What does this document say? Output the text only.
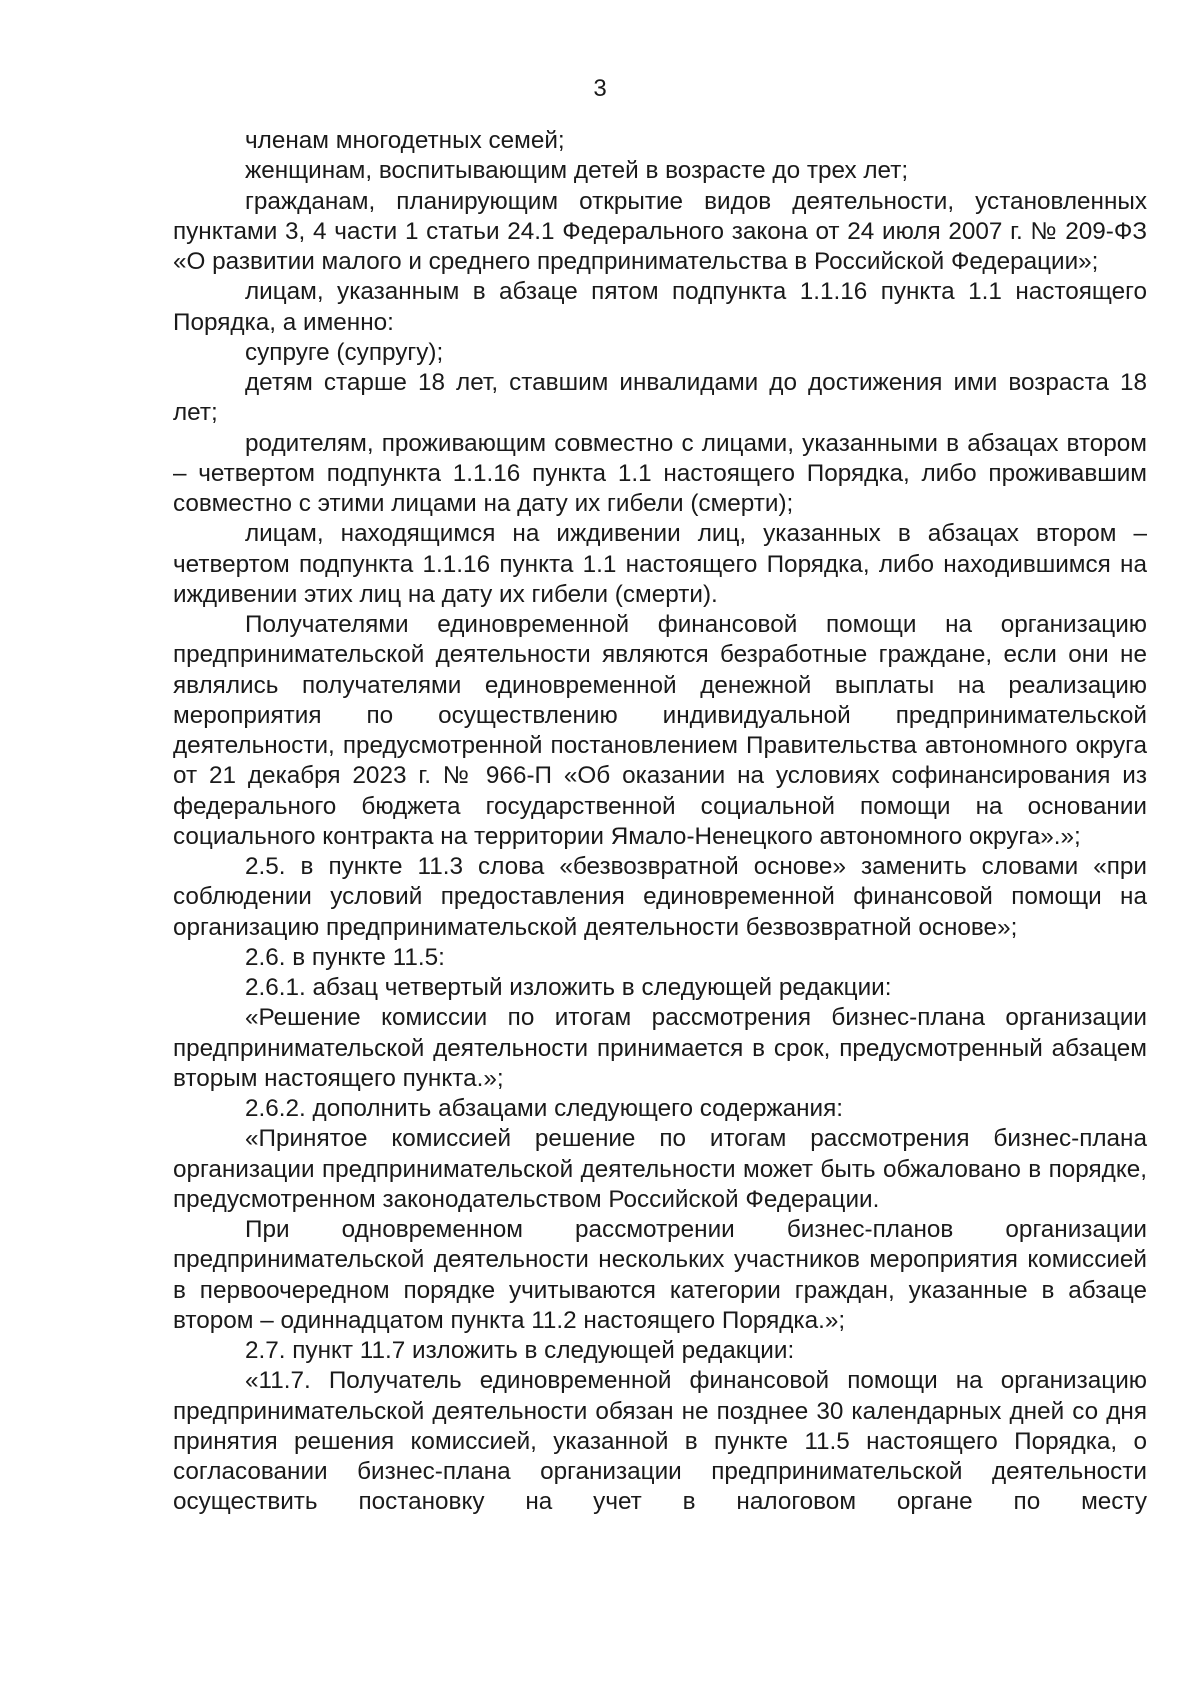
3

членам многодетных семей;

женщинам, воспитывающим детей в возрасте до трех лет;

гражданам, планирующим открытие видов деятельности, установленных пунктами 3, 4 части 1 статьи 24.1 Федерального закона от 24 июля 2007 г. № 209-ФЗ «О развитии малого и среднего предпринимательства в Российской Федерации»;

лицам, указанным в абзаце пятом подпункта 1.1.16 пункта 1.1 настоящего Порядка, а именно:

супруге (супругу);

детям старше 18 лет, ставшим инвалидами до достижения ими возраста 18 лет;

родителям, проживающим совместно с лицами, указанными в абзацах втором – четвертом подпункта 1.1.16 пункта 1.1 настоящего Порядка, либо проживавшим совместно с этими лицами на дату их гибели (смерти);

лицам, находящимся на иждивении лиц, указанных в абзацах втором – четвертом подпункта 1.1.16 пункта 1.1 настоящего Порядка, либо находившимся на иждивении этих лиц на дату их гибели (смерти).

Получателями единовременной финансовой помощи на организацию предпринимательской деятельности являются безработные граждане, если они не являлись получателями единовременной денежной выплаты на реализацию мероприятия по осуществлению индивидуальной предпринимательской деятельности, предусмотренной постановлением Правительства автономного округа от 21 декабря 2023 г. № 966-П «Об оказании на условиях софинансирования из федерального бюджета государственной социальной помощи на основании социального контракта на территории Ямало-Ненецкого автономного округа».»;

2.5. в пункте 11.3 слова «безвозвратной основе» заменить словами «при соблюдении условий предоставления единовременной финансовой помощи на организацию предпринимательской деятельности безвозвратной основе»;

2.6. в пункте 11.5:

2.6.1. абзац четвертый изложить в следующей редакции:

«Решение комиссии по итогам рассмотрения бизнес-плана организации предпринимательской деятельности принимается в срок, предусмотренный абзацем вторым настоящего пункта.»;

2.6.2. дополнить абзацами следующего содержания:

«Принятое комиссией решение по итогам рассмотрения бизнес-плана организации предпринимательской деятельности может быть обжаловано в порядке, предусмотренном законодательством Российской Федерации.

При одновременном рассмотрении бизнес-планов организации предпринимательской деятельности нескольких участников мероприятия комиссией в первоочередном порядке учитываются категории граждан, указанные в абзаце втором – одиннадцатом пункта 11.2 настоящего Порядка.»;

2.7. пункт 11.7 изложить в следующей редакции:

«11.7. Получатель единовременной финансовой помощи на организацию предпринимательской деятельности обязан не позднее 30 календарных дней со дня принятия решения комиссией, указанной в пункте 11.5 настоящего Порядка, о согласовании бизнес-плана организации предпринимательской деятельности осуществить постановку на учет в налоговом органе по месту
